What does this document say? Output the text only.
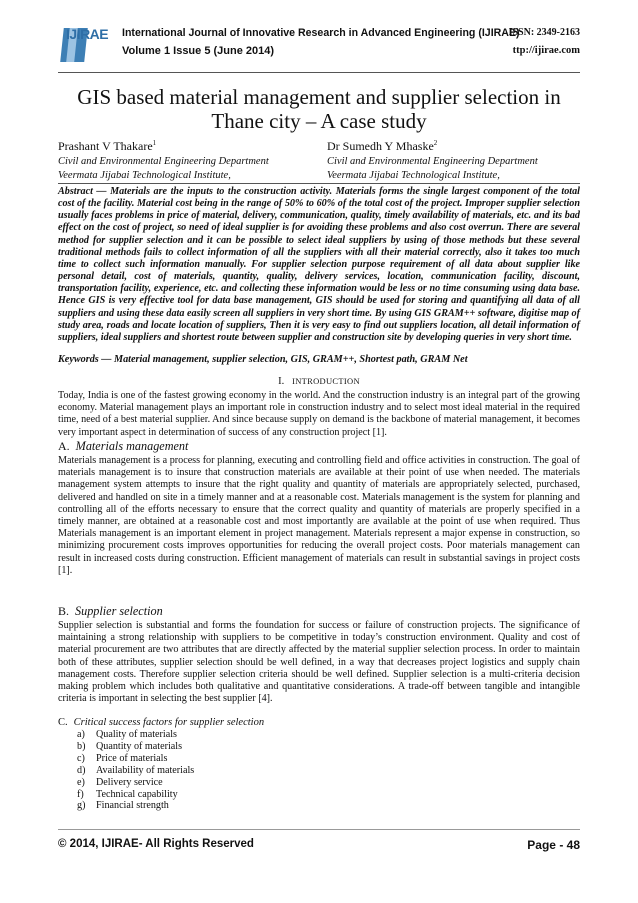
IJIRAE International Journal of Innovative Research in Advanced Engineering (IJIRAE)
ISSN: 2349-2163
Volume 1 Issue 5 (June 2014)	ttp://ijirae.com
GIS based material management and supplier selection in Thane city – A case study
Prashant V Thakare$^1$
Civil and Environmental Engineering Department
Veermata Jijabai Technological Institute,
Dr Sumedh Y Mhaske$^2$
Civil and Environmental Engineering Department
Veermata Jijabai Technological Institute,
Abstract — Materials are the inputs to the construction activity. Materials forms the single largest component of the total cost of the facility. Material cost being in the range of 50% to 60% of the total cost of the project. Improper supplier selection usually faces problems in price of material, delivery, communication, quality, timely availability of materials, etc. and its bad effect on the cost of project, so need of ideal supplier is for avoiding these problems and also cost overrun. There are several method for supplier selection and it can be possible to select ideal suppliers by using of those methods but these several traditional methods fails to collect information of all the suppliers with all their material correctly, also it takes too much time to collect such information manually. For supplier selection purpose requirement of all data about supplier like personal detail, cost of materials, quantity, quality, delivery services, location, communication facility, discount, transportation facility, experience, etc. and collecting these information would be less or no time consuming using data base. Hence GIS is very effective tool for data base management, GIS should be used for storing and quantifying all data of all suppliers and using these data easily screen all suppliers in very short time. By using GIS GRAM++ software, digitise map of study area, roads and locate location of suppliers, Then it is very easy to find out suppliers location, all detail information of suppliers, ideal suppliers and shortest route between supplier and construction site by developing queries in very short time.
Keywords — Material management, supplier selection, GIS, GRAM++, Shortest path, GRAM Net
I. INTRODUCTION
Today, India is one of the fastest growing economy in the world. And the construction industry is an integral part of the growing economy. Material management plays an important role in construction industry and to select most ideal material in the required time, need of a best material supplier. And since because supply on demand is the backbone of material management, it becomes very important aspect in determination of success of any construction project [1].
A. Materials management
Materials management is a process for planning, executing and controlling field and office activities in construction. The goal of materials management is to insure that construction materials are available at their point of use when needed. The materials management system attempts to insure that the right quality and quantity of materials are appropriately selected, purchased, delivered and handled on site in a timely manner and at a reasonable cost. Materials management is the system for planning and controlling all of the efforts necessary to ensure that the correct quality and quantity of materials are properly specified in a timely manner, are obtained at a reasonable cost and most importantly are available at the point of use when required. Thus Materials management is an important element in project management. Materials represent a major expense in construction, so minimizing procurement costs improves opportunities for reducing the overall project costs. Poor materials management can result in increased costs during construction. Efficient management of materials can result in substantial savings in project costs [1].
B. Supplier selection
Supplier selection is substantial and forms the foundation for success or failure of construction projects. The significance of maintaining a strong relationship with suppliers to be competitive in today’s construction environment. Quality and cost of material procurement are two attributes that are directly affected by the material supplier selection process. In order to maintain both of these attributes, supplier selection should be well defined, in a way that decreases project logistics and supply chain management costs. Therefore supplier selection criteria should be well defined. Supplier selection is a multi-criteria decision making problem which includes both qualitative and quantitative considerations. A trade-off between tangible and intangible criteria is important in selecting the best supplier [4].
C. Critical success factors for supplier selection
a) Quality of materials
b) Quantity of materials
c) Price of materials
d) Availability of materials
e) Delivery service
f) Technical capability
g) Financial strength
© 2014, IJIRAE- All Rights Reserved	Page - 48
